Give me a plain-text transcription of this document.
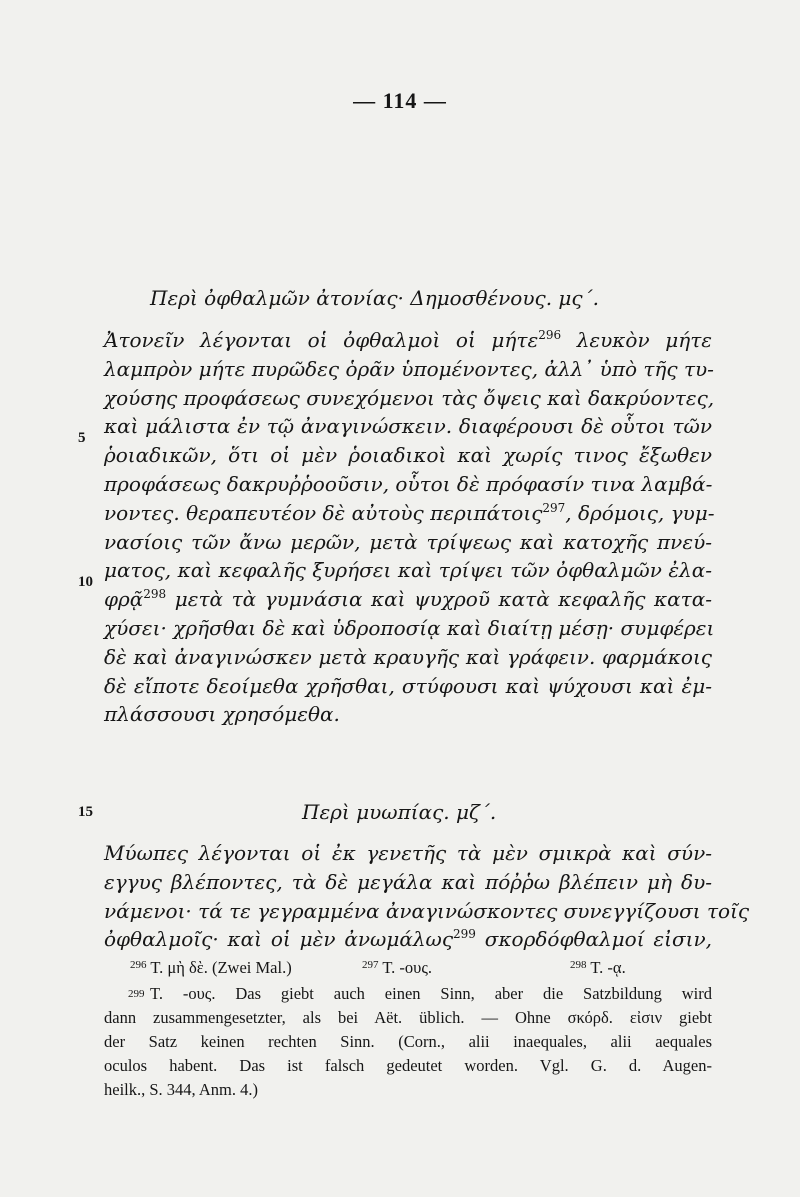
— 114 —
Περὶ ὀφθαλμῶν ἀτονίας· Δημοσθένους. μς΄.
Ἀτονεῖν λέγονται οἱ ὀφθαλμοὶ οἱ μήτε$^{296}$ λευκὸν μήτε
λαμπρὸν μήτε πυρῶδες ὁρᾶν ὑπομένοντες, ἀλλ᾽ ὑπὸ τῆς τυ-
χούσης προφάσεως συνεχόμενοι τὰς ὄψεις καὶ δακρύοντες,
καὶ μάλιστα ἐν τῷ ἀναγινώσκειν. διαφέρουσι δὲ οὗτοι τῶν
ῥοιαδικῶν, ὅτι οἱ μὲν ῥοιαδικοὶ καὶ χωρίς τινος ἔξωθεν
προφάσεως δακρυῤῥοοῦσιν, οὗτοι δὲ πρόφασίν τινα λαμβά-
νοντες. θεραπευτέον δὲ αὐτοὺς περιπάτοις$^{297}$, δρόμοις, γυμ-
νασίοις τῶν ἄνω μερῶν, μετὰ τρίψεως καὶ κατοχῆς πνεύ-
ματος, καὶ κεφαλῆς ξυρήσει καὶ τρίψει τῶν ὀφθαλμῶν ἐλα-
φρᾷ$^{298}$ μετὰ τὰ γυμνάσια καὶ ψυχροῦ κατὰ κεφαλῆς κατα-
χύσει· χρῆσθαι δὲ καὶ ὑδροποσίᾳ καὶ διαίτῃ μέσῃ· συμφέρει
δὲ καὶ ἀναγινώσκεν μετὰ κραυγῆς καὶ γράφειν. φαρμάκοις
δὲ εἴποτε δεοίμεθα χρῆσθαι, στύφουσι καὶ ψύχουσι καὶ ἐμ-
πλάσσουσι χρησόμεθα.
Μύωπες λέγονται οἱ ἐκ γενετῆς τὰ μὲν σμικρὰ καὶ σύν-
εγγυς βλέποντες, τὰ δὲ μεγάλα καὶ πόῤῥω βλέπειν μὴ δυ-
νάμενοι· τά τε γεγραμμένα ἀναγινώσκοντες συνεγγίζουσι τοῖς
ὀφθαλμοῖς· καὶ οἱ μὲν ἀνωμάλως$^{299}$ σκορδόφθαλμοί εἰσιν,
Περὶ μυωπίας. μζ΄.
5
10
15
$^{296}$ T. μὴ δὲ. (Zwei Mal.)	$^{297}$ T. -ους.	$^{298}$ T. -ᾳ.
$^{299}$ T. -ους. Das giebt auch einen Sinn, aber die Satzbildung wird
dann zusammengesetzter, als bei Aët. üblich. — Ohne σκόρδ. εἰσιν giebt
der Satz keinen rechten Sinn. (Corn., alii inaequales, alii aequales
oculos habent. Das ist falsch gedeutet worden. Vgl. G. d. Augen-
heilk., S. 344, Anm. 4.)
